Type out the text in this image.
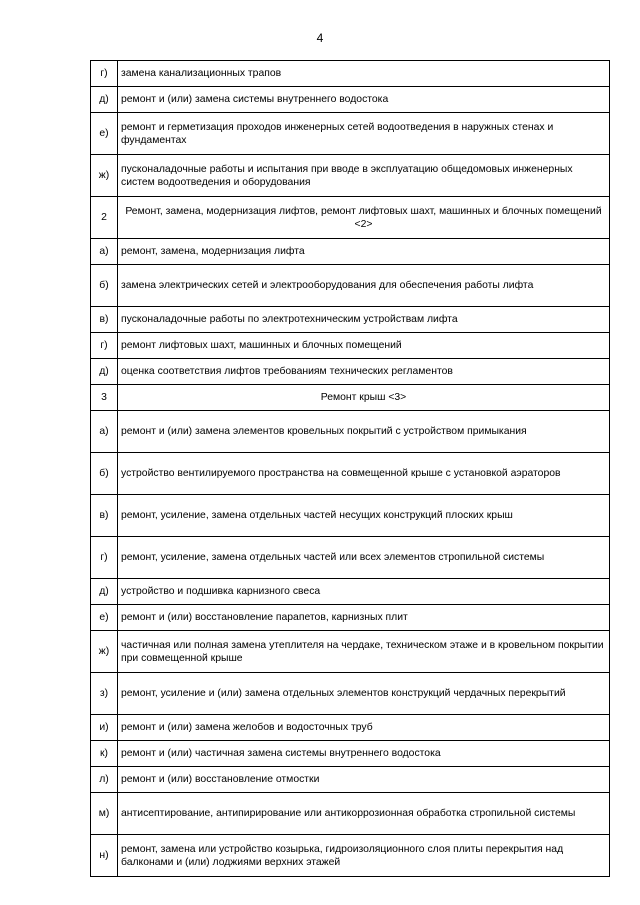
4
г)	замена канализационных трапов
д)	ремонт и (или) замена системы внутреннего водостока
е)	ремонт и герметизация проходов инженерных сетей водоотведения в наружных стенах и фундаментах
ж)	пусконаладочные работы и испытания при вводе в эксплуатацию общедомовых инженерных систем водоотведения и оборудования
2	Ремонт, замена, модернизация лифтов, ремонт лифтовых шахт, машинных и блочных помещений <2>
а)	ремонт, замена, модернизация лифта
б)	замена электрических сетей и электрооборудования для обеспечения работы лифта
в)	пусконаладочные работы по электротехническим устройствам лифта
г)	ремонт лифтовых шахт, машинных и блочных помещений
д)	оценка соответствия лифтов требованиям технических регламентов
3	Ремонт крыш <3>
а)	ремонт и (или) замена элементов кровельных покрытий с устройством примыкания
б)	устройство вентилируемого пространства на совмещенной крыше с установкой аэраторов
в)	ремонт, усиление, замена отдельных частей несущих конструкций плоских крыш
г)	ремонт, усиление, замена отдельных частей или всех элементов стропильной системы
д)	устройство и подшивка карнизного свеса
е)	ремонт и (или) восстановление парапетов, карнизных плит
ж)	частичная или полная замена утеплителя на чердаке, техническом этаже и в кровельном покрытии при совмещенной крыше
з)	ремонт, усиление и (или) замена отдельных элементов конструкций чердачных перекрытий
и)	ремонт и (или) замена желобов и водосточных труб
к)	ремонт и (или) частичная замена системы внутреннего водостока
л)	ремонт и (или) восстановление отмостки
м)	антисептирование, антипирирование или антикоррозионная обработка стропильной системы
н)	ремонт, замена или устройство козырька, гидроизоляционного слоя плиты перекрытия над балконами и (или) лоджиями верхних этажей
